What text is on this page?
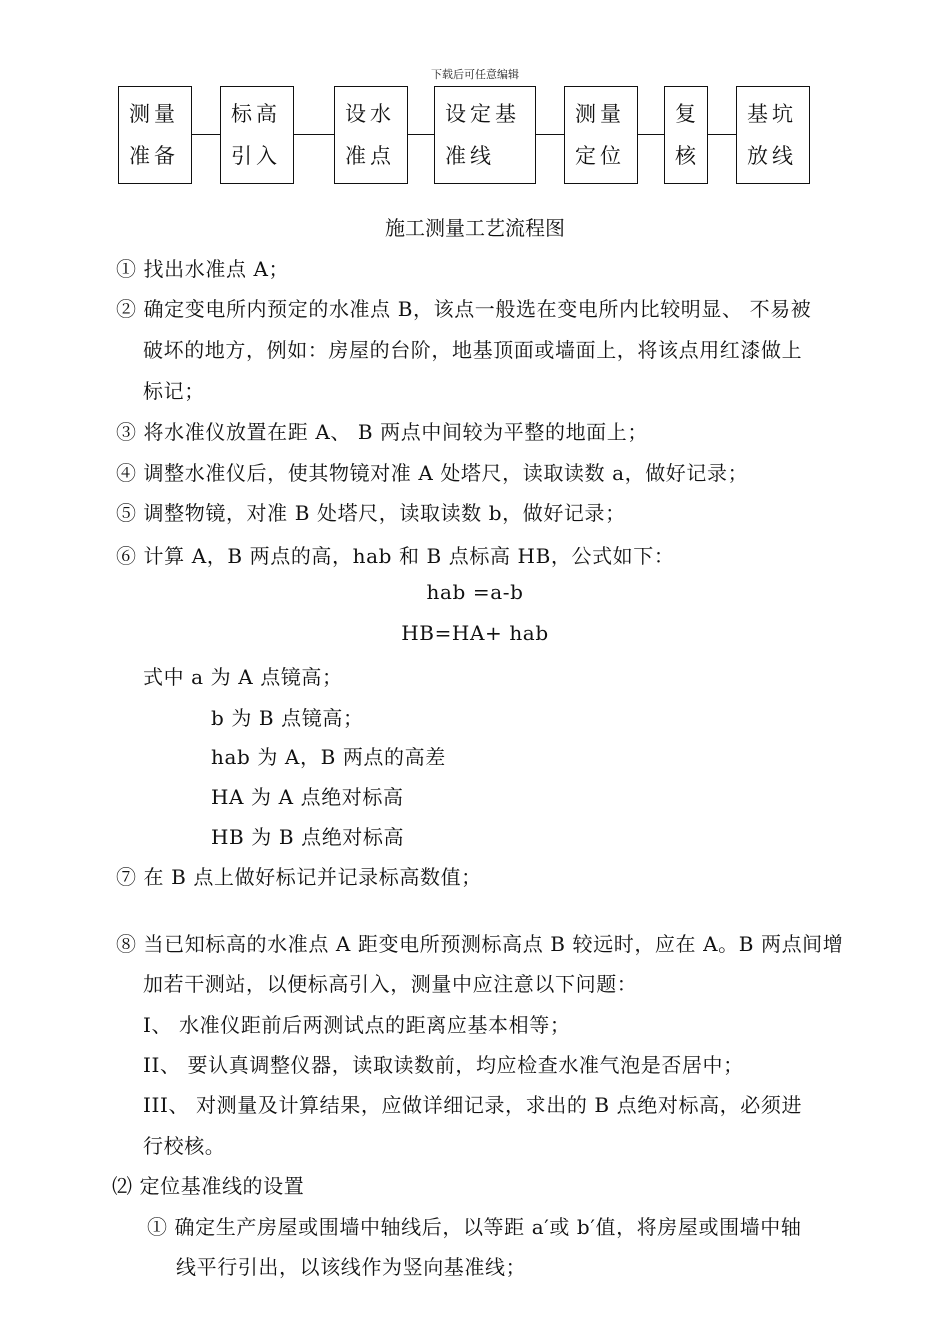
下载后可任意编辑
测量
准备
标高
引入
设水
准点
设定基
准线
测量
定位
复
核
基坑
放线
施工测量工艺流程图
① 找出水准点 A；
② 确定变电所内预定的水准点 B，该点一般选在变电所内比较明显、 不易被
破坏的地方，例如：房屋的台阶，地基顶面或墙面上，将该点用红漆做上
标记；
③ 将水准仪放置在距 A、 B 两点中间较为平整的地面上；
④ 调整水准仪后，使其物镜对准 A 处塔尺，读取读数 a，做好记录；
⑤ 调整物镜，对准 B 处塔尺，读取读数 b，做好记录；
⑥ 计算 A，B 两点的高，hab 和 B 点标高 HB，公式如下：
hab =a-b
HB=HA+ hab
式中 a 为 A 点镜高；
b 为 B 点镜高；
hab 为 A，B 两点的高差
HA 为 A 点绝对标高
HB 为 B 点绝对标高
⑦ 在 B 点上做好标记并记录标高数值；
⑧ 当已知标高的水准点 A 距变电所预测标高点 B 较远时，应在 A。B 两点间增
加若干测站，以便标高引入，测量中应注意以下问题：
Ⅰ、 水准仪距前后两测试点的距离应基本相等；
II、 要认真调整仪器，读取读数前，均应检查水准气泡是否居中；
III、 对测量及计算结果，应做详细记录，求出的 B 点绝对标高，必须进
行校核。
⑵ 定位基准线的设置
① 确定生产房屋或围墙中轴线后，以等距 a′或 b′值，将房屋或围墙中轴
线平行引出，以该线作为竖向基准线；
